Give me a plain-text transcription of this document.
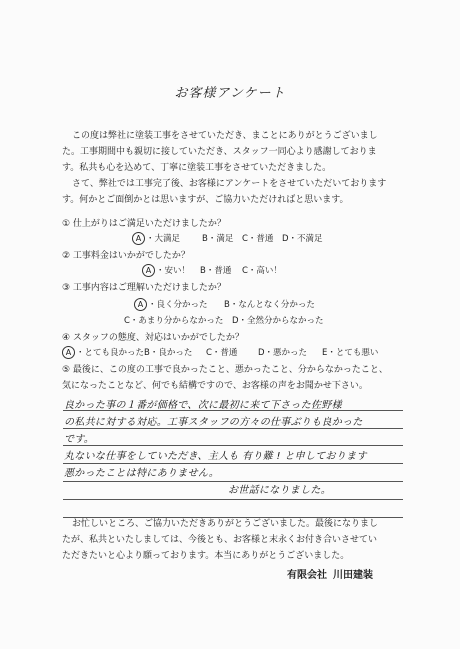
お客様アンケート
この度は弊社に塗装工事をさせていただき、まことにありがとうございまし
た。工事期間中も親切に接していただき、スタッフ一同心より感謝しておりま
す。私共も心を込めて、丁寧に塗装工事をさせていただきました。
さて、弊社では工事完了後、お客様にアンケートをさせていただいております
す。何かとご面倒かとは思いますが、ご協力いただければと思います。
① 仕上がりはご満足いただけましたか？
A ・大満足	B・満足 C・普通 D・不満足
② 工事料金はいかがでしたか？
A ・安い！ B・普通 C・高い！
③ 工事内容はご理解いただけましたか？
A ・良く分かった B・なんとなく分かった
C・あまり分からなかった D・全然分からなかった
④ スタッフの態度、対応はいかがでしたか？
A ・とても良かった B・良かった C・普通 D・悪かった E・とても悪い
⑤ 最後に、この度の工事で良かったこと、悪かったこと、分からなかったこと、
気になったことなど、何でも結構ですので、お客様の声をお聞かせ下さい。
良かった事の１番が価格で、次に最初に来て下さった佐野様
の私共に対する対応。工事スタッフの方々の仕事ぶりも良かった
です。
丸ないな仕事をしていただき、主人も 有り難 ! と申しております
悪かったことは特にありません。
お世話になりました。
お忙しいところ、ご協力いただきありがとうございました。最後になりまし
たが、私共といたしましては、今後とも、お客様と末永くお付き合いさせてい
ただきたいと心より願っております。本当にありがとうございました。
有限会社 川田建装
